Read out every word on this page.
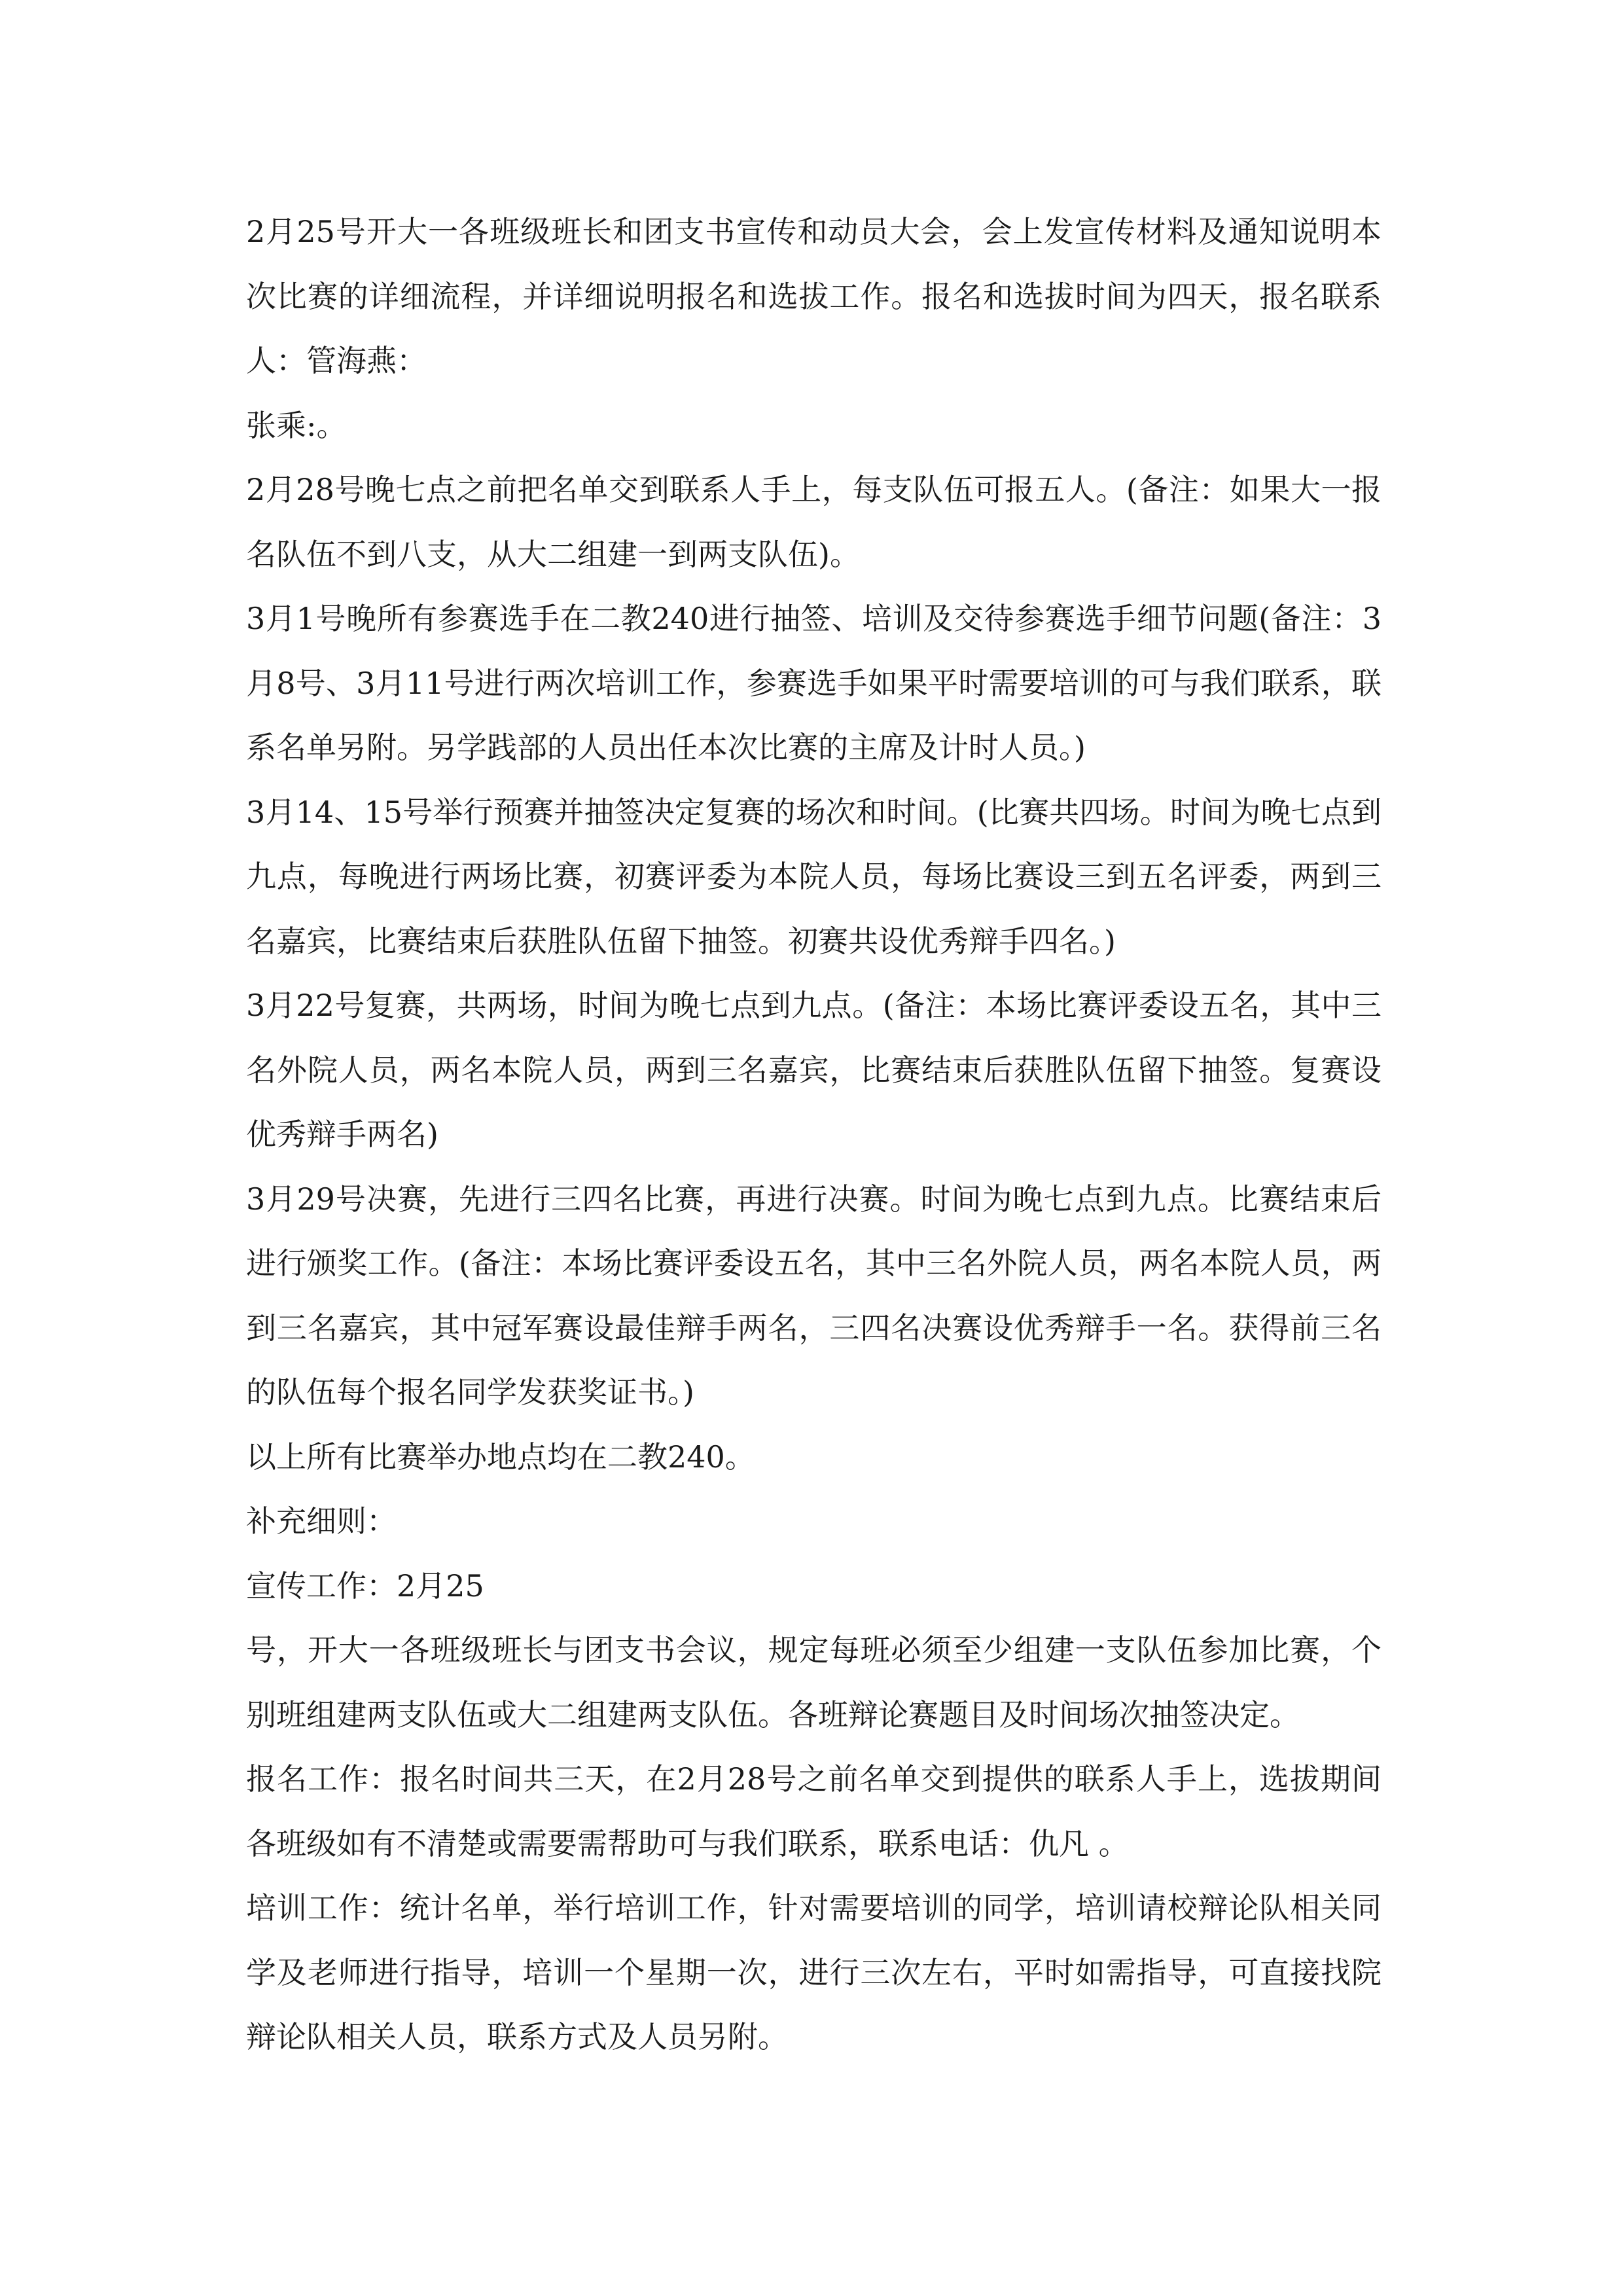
2月25号开大一各班级班长和团支书宣传和动员大会，会上发宣传材料及通知说明本次比赛的详细流程，并详细说明报名和选拔工作。报名和选拔时间为四天，报名联系人：管海燕：

张乘:。

2月28号晚七点之前把名单交到联系人手上，每支队伍可报五人。(备注：如果大一报名队伍不到八支，从大二组建一到两支队伍)。

3月1号晚所有参赛选手在二教240进行抽签、培训及交待参赛选手细节问题(备注：3月8号、3月11号进行两次培训工作，参赛选手如果平时需要培训的可与我们联系，联系名单另附。另学践部的人员出任本次比赛的主席及计时人员。)

3月14、15号举行预赛并抽签决定复赛的场次和时间。(比赛共四场。时间为晚七点到九点，每晚进行两场比赛，初赛评委为本院人员，每场比赛设三到五名评委，两到三名嘉宾，比赛结束后获胜队伍留下抽签。初赛共设优秀辩手四名。)

3月22号复赛，共两场，时间为晚七点到九点。(备注：本场比赛评委设五名，其中三名外院人员，两名本院人员，两到三名嘉宾，比赛结束后获胜队伍留下抽签。复赛设优秀辩手两名)

3月29号决赛，先进行三四名比赛，再进行决赛。时间为晚七点到九点。比赛结束后进行颁奖工作。(备注：本场比赛评委设五名，其中三名外院人员，两名本院人员，两到三名嘉宾，其中冠军赛设最佳辩手两名，三四名决赛设优秀辩手一名。获得前三名的队伍每个报名同学发获奖证书。)

以上所有比赛举办地点均在二教240。

补充细则：

宣传工作：2月25

号，开大一各班级班长与团支书会议，规定每班必须至少组建一支队伍参加比赛，个别班组建两支队伍或大二组建两支队伍。各班辩论赛题目及时间场次抽签决定。

报名工作：报名时间共三天，在2月28号之前名单交到提供的联系人手上，选拔期间各班级如有不清楚或需要需帮助可与我们联系，联系电话：仇凡 。

培训工作：统计名单，举行培训工作，针对需要培训的同学，培训请校辩论队相关同学及老师进行指导，培训一个星期一次，进行三次左右，平时如需指导，可直接找院辩论队相关人员，联系方式及人员另附。
